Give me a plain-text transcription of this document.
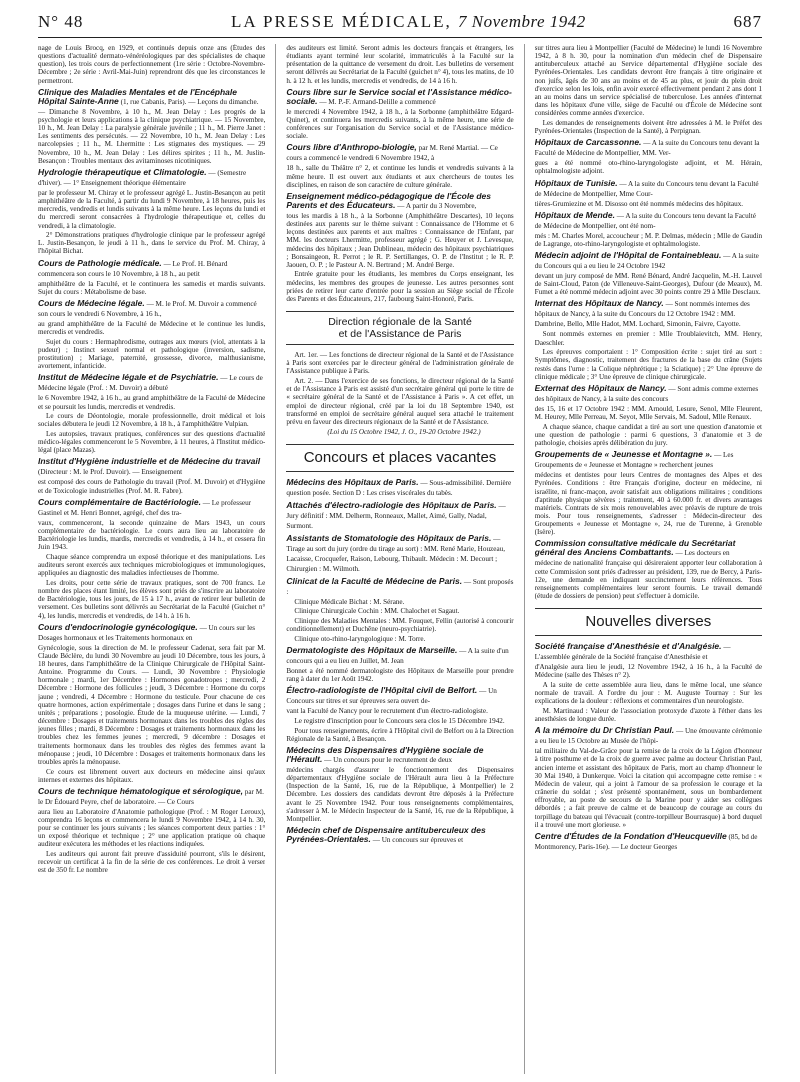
N° 48	LA PRESSE MÉDICALE, 7 Novembre 1942	687

nage de Louis Brocq, en 1929, et continués depuis onze ans (Études des questions d'actualité dermato-vénéréologiques par des spécialistes de chaque question), les trois cours de perfectionnement (1re série : Octobre-Novembre-Décembre ; 2e série : Avril-Mai-Juin) reprendront dès que les circonstances le permettront.

Clinique des Maladies Mentales et de l'Encéphale Hôpital Sainte-Anne (1, rue Cabanis, Paris). — Leçons du dimanche.

— Dimanche 8 Novembre, à 10 h., M. Jean Delay : Les progrès de la psychologie et leurs applications à la clinique psychiatrique. — 15 Novembre, 10 h., M. Jean Delay : La paralysie générale juvénile ; 11 h., M. Pierre Janet : Les sentiments des persécutés. — 22 Novembre, 10 h., M. Jean Delay : Les narcolepsies ; 11 h., M. Lhermitte : Les stigmates des mystiques. — 29 Novembre, 10 h., M. Jean Delay : Les délires spirites ; 11 h., M. Juslin-Besançon : Troubles mentaux des avitaminoses nicotiniques.

Hydrologie thérapeutique et Climatologie. — (Semestre d'hiver). — 1° Enseignement théorique élémentaire

par le professeur M. Chiray et le professeur agrégé L. Justin-Besançon au petit amphithéâtre de la Faculté, à partir du lundi 9 Novembre, à 18 heures, puis les mercredis, vendredis et lundis suivants à la même heure. Les leçons du lundi et du mercredi seront consacrées à l'hydrologie thérapeutique et, celles du vendredi, à la climatologie.

2° Démonstrations pratiques d'hydrologie clinique par le professeur agrégé L. Justin-Besançon, le jeudi à 11 h., dans le service du Prof. M. Chiray, à l'hôpital Bichat.

Cours de Pathologie médicale. — Le Prof. H. Bénard commencera son cours le 10 Novembre, à 18 h., au petit

amphithéâtre de la Faculté, et le continuera les samedis et mardis suivants. Sujet du cours : Métabolisme de base.

Cours de Médecine légale. — M. le Prof. M. Duvoir a commencé son cours le vendredi 6 Novembre, à 16 h.,

au grand amphithéâtre de la Faculté de Médecine et le continue les lundis, mercredis et vendredis.

Sujet du cours : Hermaphrodisme, outrages aux mœurs (viol, attentats à la pudeur) ; Instinct sexuel normal et pathologique (inversion, sadisme, prostitution) ; Mariage, paternité, grossesse, divorce, malthusianisme, avortement, infanticide.

Institut de Médecine légale et de Psychiatrie. — Le cours de Médecine légale (Prof. : M. Duvoir) a débuté

le 6 Novembre 1942, à 16 h., au grand amphithéâtre de la Faculté de Médecine et se poursuit les lundis, mercredis et vendredis.

Le cours de Déontologie, morale professionnelle, droit médical et lois sociales débutera le jeudi 12 Novembre, à 18 h., à l'amphithéâtre Vulpian.

Les autopsies, travaux pratiques, conférences sur des questions d'actualité médico-légales commenceront le 5 Novembre, à 11 heures, à l'Institut médico-légal (place Mazas).

Institut d'Hygiène industrielle et de Médecine du travail (Directeur : M. le Prof. Duvoir). — Enseignement

est composé des cours de Pathologie du travail (Prof. M. Duvoir) et d'Hygiène et de Toxicologie industrielles (Prof. M. R. Fabre).

Cours complémentaire de Bactériologie. — Le professeur Gastinel et M. Henri Bonnet, agrégé, chef des tra-

vaux, commenceront, la seconde quinzaine de Mars 1943, un cours complémentaire de bactériologie. Le cours aura lieu au laboratoire de Bactériologie les lundis, mardis, mercredis et vendredis, à 14 h., et cessera fin Juin 1943.

Chaque séance comprendra un exposé théorique et des manipulations. Les auditeurs seront exercés aux techniques microbiologiques et immunologiques, appliquées au diagnostic des maladies infectieuses de l'homme.

Les droits, pour cette série de travaux pratiques, sont de 700 francs. Le nombre des places étant limité, les élèves sont priés de s'inscrire au laboratoire de Bactériologie, tous les jours, de 15 à 17 h., avant de retirer leur bulletin de versement. Ces bulletins sont délivrés au Secrétariat de la Faculté (Guichet n° 4), les lundis, mercredis et vendredis, de 14 h. à 16 h.

Cours d'endocrinologie gynécologique. — Un cours sur les Dosages hormonaux et les Traitements hormonaux en

Gynécologie, sous la direction de M. le professeur Cadenat, sera fait par M. Claude Béclère, du lundi 30 Novembre au jeudi 10 Décembre, tous les jours, à 18 heures, dans l'amphithéâtre de la Clinique Chirurgicale de l'Hôpital Saint-Antoine. Programme du Cours. — Lundi, 30 Novembre : Physiologie hormonale ; mardi, 1er Décembre : Hormones gonadotropes ; mercredi, 2 Décembre : Hormone des follicules ; jeudi, 3 Décembre : Hormone du corps jaune ; vendredi, 4 Décembre : Hormone du testicule. Pour chacune de ces quatre hormones, action expérimentale ; dosages dans l'urine et dans le sang ; unités ; préparations ; posologie. Étude de la muqueuse utérine. — Lundi, 7 décembre : Dosages et traitements hormonaux dans les troubles des règles des jeunes filles ; mardi, 8 Décembre : Dosages et traitements hormonaux dans les troubles chez les femmes jeunes ; mercredi, 9 décembre : Dosages et traitements hormonaux dans les troubles des règles des femmes avant la ménopause ; jeudi, 10 Décembre : Dosages et traitements hormonaux dans les troubles après la ménopause.

Ce cours est librement ouvert aux docteurs en médecine ainsi qu'aux internes et externes des hôpitaux.

Cours de technique hématologique et sérologique, par M. le Dr Édouard Peyre, chef de laboratoire. — Ce Cours

aura lieu au Laboratoire d'Anatomie pathologique (Prof. : M Roger Leroux), comprendra 16 leçons et commencera le lundi 9 Novembre 1942, à 14 h. 30, pour se continuer les jours suivants ; les séances comportent deux parties : 1° un exposé théorique et technique ; 2° une application pratique où chaque auditeur exécutera les méthodes et les réactions indiquées.

Les auditeurs qui auront fait preuve d'assiduité pourront, s'ils le désirent, recevoir un certificat à la fin de la série de ces conférences. Le droit à verser est de 350 fr. Le nombre

des auditeurs est limité. Seront admis les docteurs français et étrangers, les étudiants ayant terminé leur scolarité, immatriculés à la Faculté sur la présentation de la quittance de versement du droit. Les bulletins de versement seront délivrés au Secrétariat de la Faculté (guichet n° 4), tous les matins, de 10 h. à 12 h. et les lundis, mercredis et vendredis, de 14 à 16 h.

Cours libre sur le Service social et l'Assistance médico-sociale. — M. P.-F. Armand-Delille a commencé

le mercredi 4 Novembre 1942, à 18 h., à la Sorbonne (amphithéâtre Edgard-Quinet), et continuera les mercredis suivants, à la même heure, une série de conférences sur l'organisation du Service social et de l'Assistance médico-sociale.

Cours libre d'Anthropo-biologie, par M. René Martial. — Ce cours a commencé le vendredi 6 Novembre 1942, à

18 h., salle du Théâtre n° 2, et continue les lundis et vendredis suivants à la même heure. Il est ouvert aux étudiants et aux chercheurs de toutes les disciplines, en raison de son caractère de culture générale.

Enseignement médico-pédagogique de l'École des Parents et des Éducateurs. — A partir du 3 Novembre,

tous les mardis à 18 h., à la Sorbonne (Amphithéâtre Descartes), 10 leçons destinées aux parents sur le thème suivant : Connaissance de l'Homme et 6 leçons destinées aux parents et aux maîtres : Connaissance de l'Enfant, par MM. les docteurs Lhermitte, professeur agrégé ; G. Heuyer et J. Levesque, médecins des hôpitaux ; Jean Dublineau, médecin des hôpitaux psychiatriques ; Bonsaingeon, R. Perrot ; le R. P. Sertillanges, O. P. de l'Institut ; le R. P. Jaouen, O. P. ; le Pasteur A. N. Bertrand ; M. André Berge.

Entrée gratuite pour les étudiants, les membres du Corps enseignant, les médecins, les membres des groupes de jeunesse. Les autres personnes sont priées de retirer leur carte d'entrée pour la session au Siège social de l'École des Parents et des Éducateurs, 217, faubourg Saint-Honoré, Paris.

Direction régionale de la Santé
et de l'Assistance de Paris

Art. 1er. — Les fonctions de directeur régional de la Santé et de l'Assistance à Paris sont exercées par le directeur général de l'administration générale de l'Assistance publique à Paris.

Art. 2. — Dans l'exercice de ses fonctions, le directeur régional de la Santé et de l'Assistance à Paris est assisté d'un secrétaire général qui porte le titre de « secrétaire général de la Santé et de l'Assistance à Paris ». A cet effet, un emploi de directeur régional, créé par la loi du 18 Septembre 1940, est transformé en emploi de secrétaire général auquel sera attaché le traitement prévu en faveur des directeurs régionaux de la Santé et de l'Assistance.

(Loi du 15 Octobre 1942, J. O., 19-20 Octobre 1942.)

Concours et places vacantes
Médecins des Hôpitaux de Paris. — Sous-admissibilité. Dernière question posée. Section D : Les crises viscérales du tabès.
Attachés d'électro-radiologie des Hôpitaux de Paris. — Jury définitif : MM. Delherm, Ronneaux, Mallet, Aimé, Gally, Nadal, Surmont.
Assistants de Stomatologie des Hôpitaux de Paris. — Tirage au sort du jury (ordre du tirage au sort) : MM. René Marie, Houzeau, Lacaisse, Crocquefer, Raison, Lebourg, Thibault. Médecin : M. Decourt ; Chirurgien : M. Wilmoth.
Clinicat de la Faculté de Médecine de Paris. — Sont proposés :

Clinique Médicale Bichat : M. Sérane.

Clinique Chirurgicale Cochin : MM. Chalochet et Sagaut.

Clinique des Maladies Mentales : MM. Fouquet, Fellin (autorisé à concourir conditionnellement) et Duchêne (neuro-psychiatrie).

Clinique oto-rhino-laryngologique : M. Torre.

Dermatologiste des Hôpitaux de Marseille. — A la suite d'un concours qui a eu lieu en Juillet, M. Jean

Bonnet a été nommé dermatologiste des Hôpitaux de Marseille pour prendre rang à dater du 1er Août 1942.

Électro-radiologiste de l'Hôpital civil de Belfort. — Un Concours sur titres et sur épreuves sera ouvert de-

vant la Faculté de Nancy pour le recrutement d'un électro-radiologiste.

Le registre d'inscription pour le Concours sera clos le 15 Décembre 1942.

Pour tous renseignements, écrire à l'Hôpital civil de Belfort ou à la Direction Régionale de la Santé, à Besançon.

Médecins des Dispensaires d'Hygiène sociale de l'Hérault. — Un concours pour le recrutement de deux

médecins chargés d'assurer le fonctionnement des Dispensaires départementaux d'Hygiène sociale de l'Hérault aura lieu à la Préfecture (Inspection de la Santé, 16, rue de la République, à Montpellier) le 2 Décembre. Les dossiers des candidats devront être déposés à la Préfecture avant le 25 Novembre 1942. Pour tous renseignements complémentaires, s'adresser à M. le Médecin Inspecteur de la Santé, 16, rue de la République, à Montpellier.

Médecin chef de Dispensaire antituberculeux des Pyrénées-Orientales. — Un concours sur épreuves et

sur titres aura lieu à Montpellier (Faculté de Médecine) le lundi 16 Novembre 1942, à 8 h. 30, pour la nomination d'un médecin chef de Dispensaire antituberculeux attaché au Service départemental d'Hygiène sociale des Pyrénées-Orientales. Les candidats devront être français à titre originaire et non juifs, âgés de 30 ans au moins et de 45 au plus, et jouir du plein droit d'exercice selon les lois, enfin avoir exercé effectivement pendant 2 ans dont 1 an au moins dans un service spécialisé de tuberculose. Les années d'internat dans les hôpitaux d'une ville, siège de Faculté ou d'École de Médecine sont considérées comme années d'exercice.

Les demandes de renseignements doivent être adressées à M. le Préfet des Pyrénées-Orientales (Inspection de la Santé), à Perpignan.

Hôpitaux de Carcassonne. — A la suite du Concours tenu devant la Faculté de Médecine de Montpellier, MM. Ver-

gues a été nommé oto-rhino-laryngologiste adjoint, et M. Hérain, ophtalmologiste adjoint.

Hôpitaux de Tunisie. — A la suite du Concours tenu devant la Faculté de Médecine de Montpellier, Mme Cour-

tières-Grumiezine et M. Disosso ont été nommés médecins des hôpitaux.

Hôpitaux de Mende. — A la suite du Concours tenu devant la Faculté de Médecine de Montpellier, ont été nom-

més : M. Charles Morel, accoucheur ; M. P. Delmas, médecin ; Mlle de Gaudin de Lagrange, oto-rhino-laryngologiste et ophtalmologiste.

Médecin adjoint de l'Hôpital de Fontainebleau. — A la suite du Concours qui a eu lieu le 24 Octobre 1942

devant un jury composé de MM. René Bénard, André Jacquelin, M.-H. Lauvel de Saint-Cloud, Paton (de Villeneuve-Saint-Georges), Dufour (de Meaux), M. Fumet a été nommé médecin adjoint avec 30 points contre 29 à Mlle Desclaux.

Internat des Hôpitaux de Nancy. — Sont nommés internes des hôpitaux de Nancy, à la suite du Concours du 12 Octobre 1942 : MM. Dambrine, Bello, Mlle Hadot, MM. Lochard, Simonin, Faivre, Cayotte.

Sont nommés externes en premier : Mlle Troublaievitch, MM. Henry, Daeschler.

Les épreuves comportaient : 1° Composition écrite : sujet tiré au sort : Symptômes, diagnostic, traitement des fractures de la base du crâne (Sujets restés dans l'urne : la Colique néphrétique ; la Sciatique) ; 2° Une épreuve de clinique médicale ; 3° Une épreuve de clinique chirurgicale.

Externat des Hôpitaux de Nancy. — Sont admis comme externes des hôpitaux de Nancy, à la suite des concours

des 15, 16 et 17 Octobre 1942 : MM. Arnould, Lesure, Senol, Mlle Fleurent, M. Heurey, Mlle Perreau, M. Seyot, Mlle Servais, M. Sadoul, Mlle Renaux.

A chaque séance, chaque candidat a tiré au sort une question d'anatomie et une question de pathologie : parmi 6 questions, 3 d'anatomie et 3 de pathologie, choisies après délibération du jury.

Groupements de « Jeunesse et Montagne ». — Les Groupements de « Jeunesse et Montagne » recherchent jeunes

médecins et dentistes pour leurs Centres de montagnes des Alpes et des Pyrénées. Conditions : être Français d'origine, docteur en médecine, ni israélite, ni franc-maçon, avoir satisfait aux obligations militaires ; conditions d'aptitude physique sévères ; traitement, 40 à 60.000 fr. et divers avantages matériels. Contrats de six mois renouvelables avec préavis de rupture de trois mois. Pour tous renseignements, s'adresser : Médecin-directeur des Groupements « Jeunesse et Montagne », 24, rue de Turenne, à Grenoble (Isère).

Commission consultative médicale du Secrétariat général des Anciens Combattants. — Les docteurs en

médecine de nationalité française qui désireraient apporter leur collaboration à cette Commission sont priés d'adresser au président, 139, rue de Bercy, à Paris-12e, une demande en indiquant succinctement leurs références. Tous renseignements complémentaires leur seront fournis. Le travail demandé (étude de dossiers de pension) peut s'effectuer à domicile.

Nouvelles diverses
Société française d'Anesthésie et d'Analgésie. — L'assemblée générale de la Société française d'Anesthésie et

d'Analgésie aura lieu le jeudi, 12 Novembre 1942, à 16 h., à la Faculté de Médecine (salle des Thèses n° 2).

A la suite de cette assemblée aura lieu, dans le même local, une séance normale de travail. A l'ordre du jour : M. Auguste Tournay : Sur les explications de la douleur : réflexions et commentaires d'un neurologiste.

M. Martinaud : Valeur de l'association protoxyde d'azote à l'éther dans les anesthésies de longue durée.

A la mémoire du Dr Christian Paul. — Une émouvante cérémonie a eu lieu le 15 Octobre au Musée de l'hôpi-

tal militaire du Val-de-Grâce pour la remise de la croix de la Légion d'honneur à titre posthume et de la croix de guerre avec palme au docteur Christian Paul, ancien interne et assistant des hôpitaux de Paris, mort au champ d'honneur le 30 Mai 1940, à Dunkerque. Voici la citation qui accompagne cette remise : « Médecin de valeur, qui a joint à l'amour de sa profession le courage et la crânerie du soldat ; s'est présenté spontanément, sous un bombardement effroyable, au poste de secours de la Marine pour y aider ses collègues débordés ; a fait preuve de calme et de beaucoup de courage au cours du torpillage du bateau qui l'évacuait (contre-torpilleur Bourrasque) à bord duquel il a trouvé une mort glorieuse. »

Centre d'Études de la Fondation d'Heucqueville (85, bd de Montmorency, Paris-16e). — Le docteur Georges
